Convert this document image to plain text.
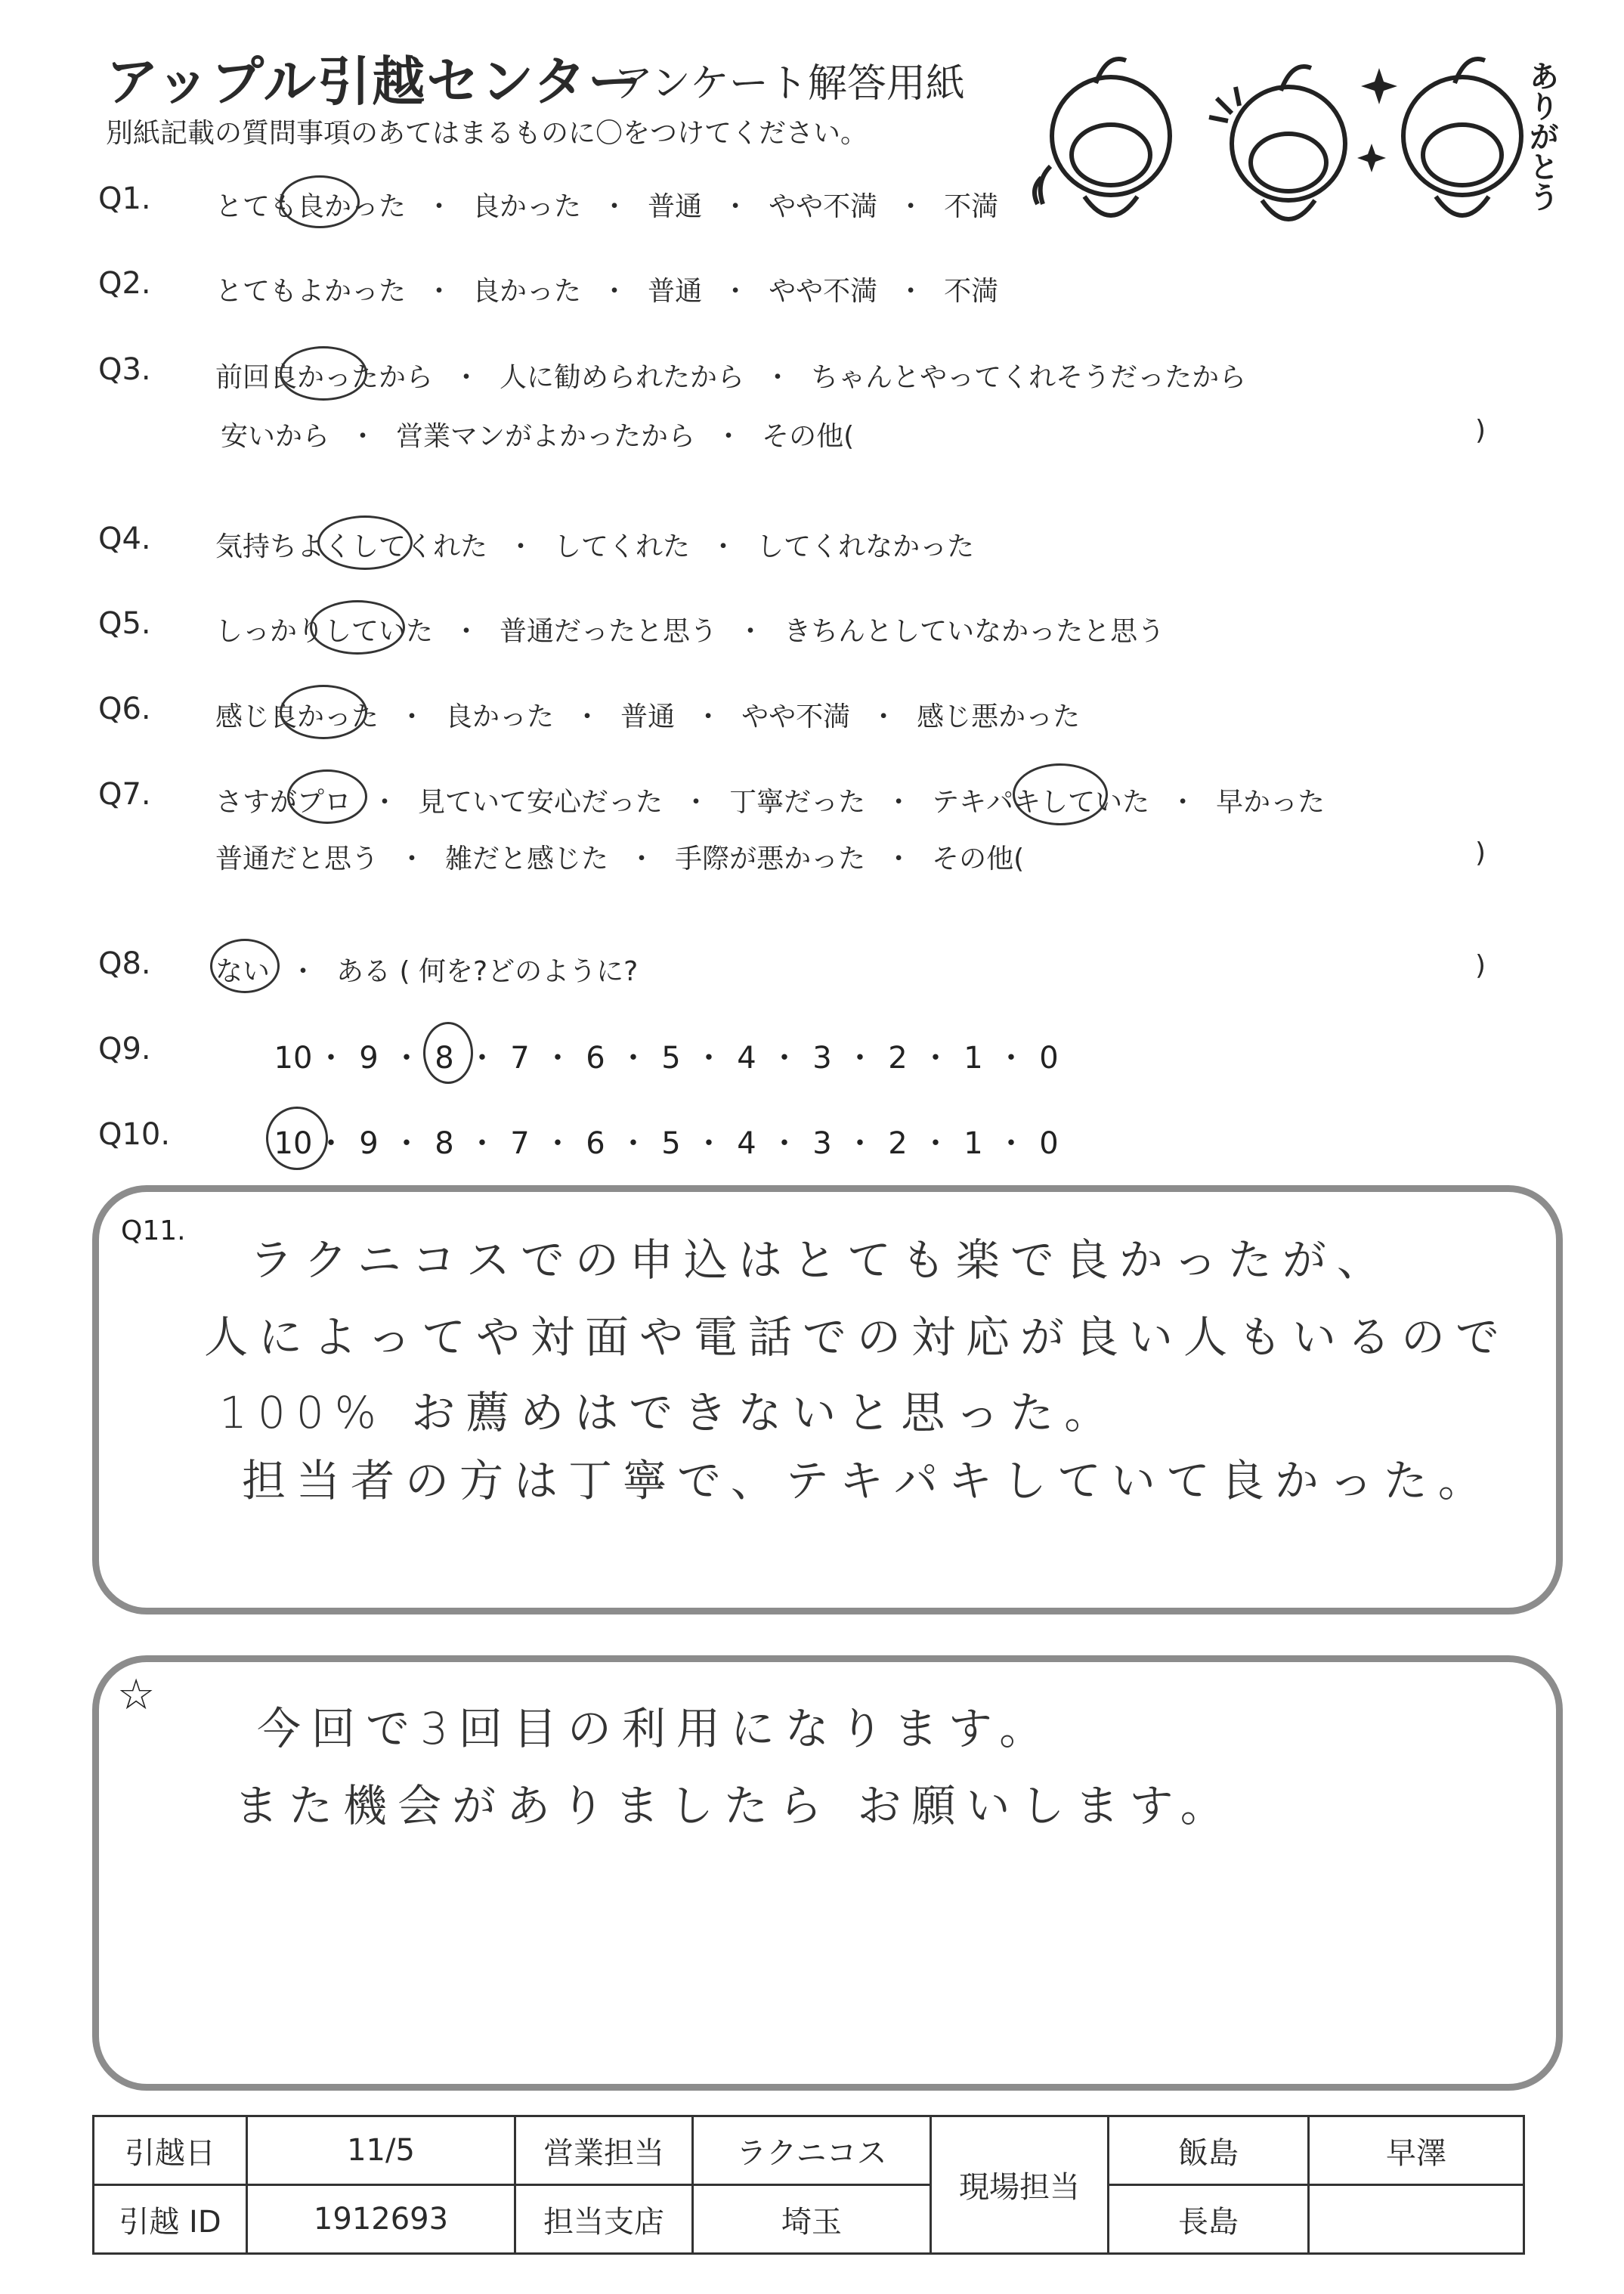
アップル引越センター
アンケート解答用紙
別紙記載の質問事項のあてはまるものに〇をつけてください。	ありがとう
Q1. とても良かった ・ 良かった ・ 普通 ・ やや不満 ・ 不満
Q2. とてもよかった ・ 良かった ・ 普通 ・ やや不満 ・ 不満
Q3. 前回良かったから ・ 人に勧められたから ・ ちゃんとやってくれそうだったから
安いから ・ 営業マンがよかったから ・ その他(	)
Q4. 気持ちよくしてくれた ・ してくれた ・ してくれなかった
Q5. しっかりしていた ・ 普通だったと思う ・ きちんとしていなかったと思う
Q6. 感じ良かった ・ 良かった ・ 普通 ・ やや不満 ・ 感じ悪かった
Q7. さすがプロ ・ 見ていて安心だった ・ 丁寧だった ・ テキパキしていた ・ 早かった
普通だと思う ・ 雑だと感じた ・ 手際が悪かった ・ その他(	)
Q8. ない ・ ある ( 何を?どのように?	)
Q9.	10 ・ 9 ・ 8 ・ 7 ・ 6 ・ 5 ・ 4 ・ 3 ・ 2 ・ 1 ・ 0
Q10.	10 ・ 9 ・ 8 ・ 7 ・ 6 ・ 5 ・ 4 ・ 3 ・ 2 ・ 1 ・ 0
Q11.
ラクニコスでの申込はとても楽で良かったが、
人によってや対面や電話での対応が良い人もいるので
100% お薦めはできないと思った。
担当者の方は丁寧で、テキパキしていて良かった。
☆
今回で3回目の利用になります。
また機会がありましたら お願いします。
引越日	11/5	営業担当	ラクニコス	現場担当	飯島	早澤
引越 ID	1912693	担当支店	埼玉		長島	
